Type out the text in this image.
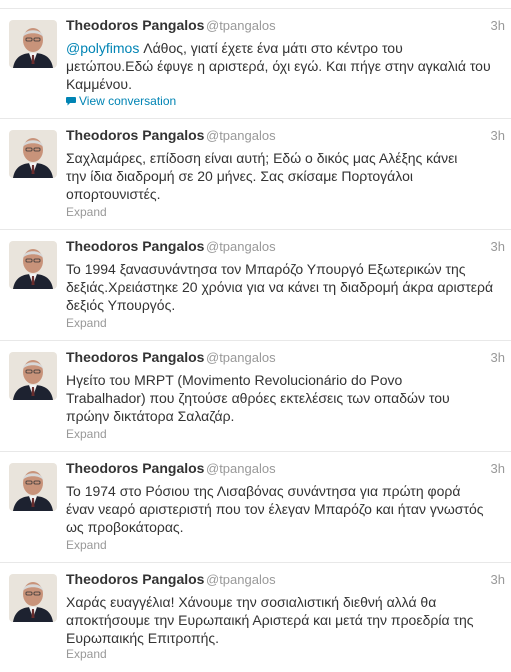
Theodoros Pangalos @tpangalos	3h

@polyfimos Λάθος, γιατί έχετε ένα μάτι στο κέντρο του
μετώπου.Εδώ έφυγε η αριστερά, όχι εγώ. Και πήγε στην αγκαλιά του
Καμμένου.

View conversation
Theodoros Pangalos @tpangalos	3h

Σαχλαμάρες, επίδοση είναι αυτή; Εδώ ο δικός μας Αλέξης κάνει
την ίδια διαδρομή σε 20 μήνες. Σας σκίσαμε Πορτογάλοι
οπορτουνιστές.

Expand
Theodoros Pangalos @tpangalos	3h

Το 1994 ξανασυνάντησα τον Μπαρόζο Υπουργό Εξωτερικών της
δεξιάς.Χρειάστηκε 20 χρόνια για να κάνει τη διαδρομή άκρα αριστερά
δεξιός Υπουργός.

Expand
Theodoros Pangalos @tpangalos	3h

Ηγείτο του MRPT (Movimento Revolucionário do Povo
Trabalhador) που ζητούσε αθρόες εκτελέσεις των οπαδών του
πρώην δικτάτορα Σαλαζάρ.

Expand
Theodoros Pangalos @tpangalos	3h

Το 1974 στο Ρόσιου της Λισαβόνας συνάντησα για πρώτη φορά
έναν νεαρό αριστεριστή που τον έλεγαν Μπαρόζο και ήταν γνωστός
ως προβοκάτορας.

Expand
Theodoros Pangalos @tpangalos	3h

Χαράς ευαγγέλια! Χάνουμε την σοσιαλιστική διεθνή αλλά θα
αποκτήσουμε την Ευρωπαική Αριστερά και μετά την προεδρία της
Ευρωπαικής Επιτροπής.

Expand
